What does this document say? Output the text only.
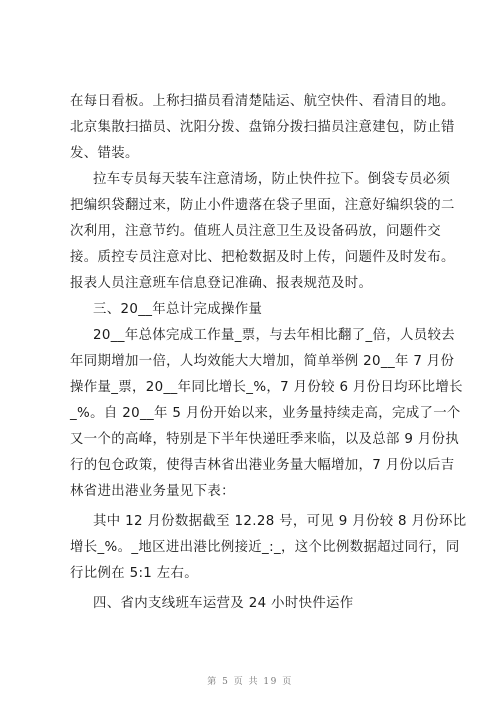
在每日看板。上称扫描员看清楚陆运、航空快件、看清目的地。
北京集散扫描员、沈阳分拨、盘锦分拨扫描员注意建包，防止错
发、错装。
拉车专员每天装车注意清场，防止快件拉下。倒袋专员必须
把编织袋翻过来，防止小件遗落在袋子里面，注意好编织袋的二
次利用，注意节约。值班人员注意卫生及设备码放，问题件交
接。质控专员注意对比、把枪数据及时上传，问题件及时发布。
报表人员注意班车信息登记准确、报表规范及时。
三、20__年总计完成操作量
20__年总体完成工作量_票，与去年相比翻了_倍，人员较去
年同期增加一倍，人均效能大大增加，简单举例 20__年 7 月份
操作量_票，20__年同比增长_%，7 月份较 6 月份日均环比增长
_%。自 20__年 5 月份开始以来，业务量持续走高，完成了一个
又一个的高峰，特别是下半年快递旺季来临，以及总部 9 月份执
行的包仓政策，使得吉林省出港业务量大幅增加，7 月份以后吉
林省进出港业务量见下表：
其中 12 月份数据截至 12.28 号，可见 9 月份较 8 月份环比
增长_%。_地区进出港比例接近_:_，这个比例数据超过同行，同
行比例在 5:1 左右。
四、省内支线班车运营及 24 小时快件运作
第 5 页 共 19 页
